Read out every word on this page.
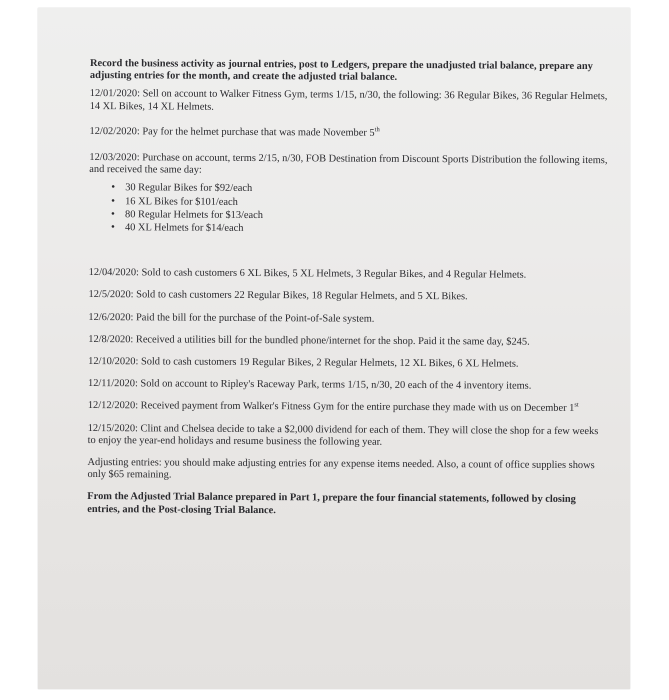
Record the business activity as journal entries, post to Ledgers, prepare the unadjusted trial balance, prepare any adjusting entries for the month, and create the adjusted trial balance.

12/01/2020: Sell on account to Walker Fitness Gym, terms 1/15, n/30, the following: 36 Regular Bikes, 36 Regular Helmets, 14 XL Bikes, 14 XL Helmets.

12/02/2020: Pay for the helmet purchase that was made November 5th

12/03/2020: Purchase on account, terms 2/15, n/30, FOB Destination from Discount Sports Distribution the following items, and received the same day:

• 30 Regular Bikes for $92/each
• 16 XL Bikes for $101/each
• 80 Regular Helmets for $13/each
• 40 XL Helmets for $14/each

12/04/2020: Sold to cash customers 6 XL Bikes, 5 XL Helmets, 3 Regular Bikes, and 4 Regular Helmets.

12/5/2020: Sold to cash customers 22 Regular Bikes, 18 Regular Helmets, and 5 XL Bikes.

12/6/2020: Paid the bill for the purchase of the Point-of-Sale system.

12/8/2020: Received a utilities bill for the bundled phone/internet for the shop. Paid it the same day, $245.

12/10/2020: Sold to cash customers 19 Regular Bikes, 2 Regular Helmets, 12 XL Bikes, 6 XL Helmets.

12/11/2020: Sold on account to Ripley's Raceway Park, terms 1/15, n/30, 20 each of the 4 inventory items.

12/12/2020: Received payment from Walker's Fitness Gym for the entire purchase they made with us on December 1st

12/15/2020: Clint and Chelsea decide to take a $2,000 dividend for each of them. They will close the shop for a few weeks to enjoy the year-end holidays and resume business the following year.

Adjusting entries: you should make adjusting entries for any expense items needed. Also, a count of office supplies shows only $65 remaining.

From the Adjusted Trial Balance prepared in Part 1, prepare the four financial statements, followed by closing entries, and the Post-closing Trial Balance.
